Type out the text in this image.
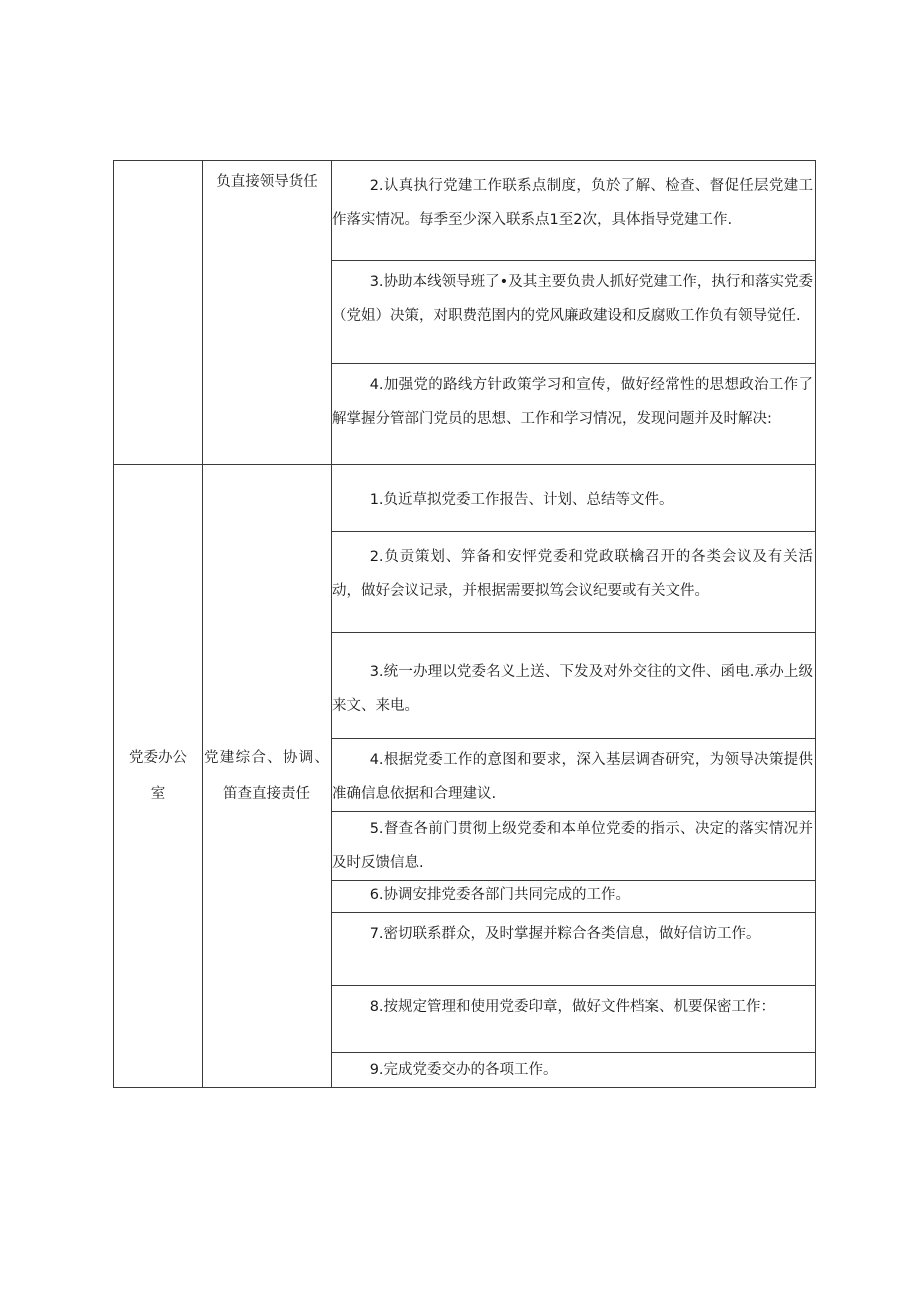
	负直接领导货任	2.认真执行党建工作联系点制度，负於了解、检查、督促任层党建工作落实情况。每季至少深入联系点1至2次，具体指导党建工作.

		3.协助本线领导班了•及其主要负贵人抓好党建工作，执行和落实党委（党姐）决策，对职费范圉内的党风廉政建设和反腐败工作负有领导觉任.

		4.加强党的路线方针政策学习和宣传，做好经常性的思想政治工作了解掌握分管部门党员的思想、工作和学习情况，发现问题并及时解决:

党委办公室	党建综合、协调、笛查直接责任	1.负近草拟党委工作报告、计划、总结等文件。

		2.负贡策划、笄备和安怦党委和党政联檎召开的各类会议及有关活动，做好会议记录，并根据需要拟笃会议纪要或有关文件。

		3.统一办理以党委名义上送、下发及对外交往的文件、函电.承办上级来文、来电。

		4.根据党委工作的意图和要求，深入基层调杳研究，为领导决策提供准确信息依据和合理建议.

		5.督查各前门贯彻上级党委和本单位党委的指示、决定的落实情况并及时反馈信息.

		6.协调安排党委各部门共同完成的工作。

		7.密切联系群众，及时掌握并粽合各类信息，做好信访工作。

		8.按规定管理和使用党委印章，做好文件档案、机要保密工作：

		9.完成党委交办的各项工作。
